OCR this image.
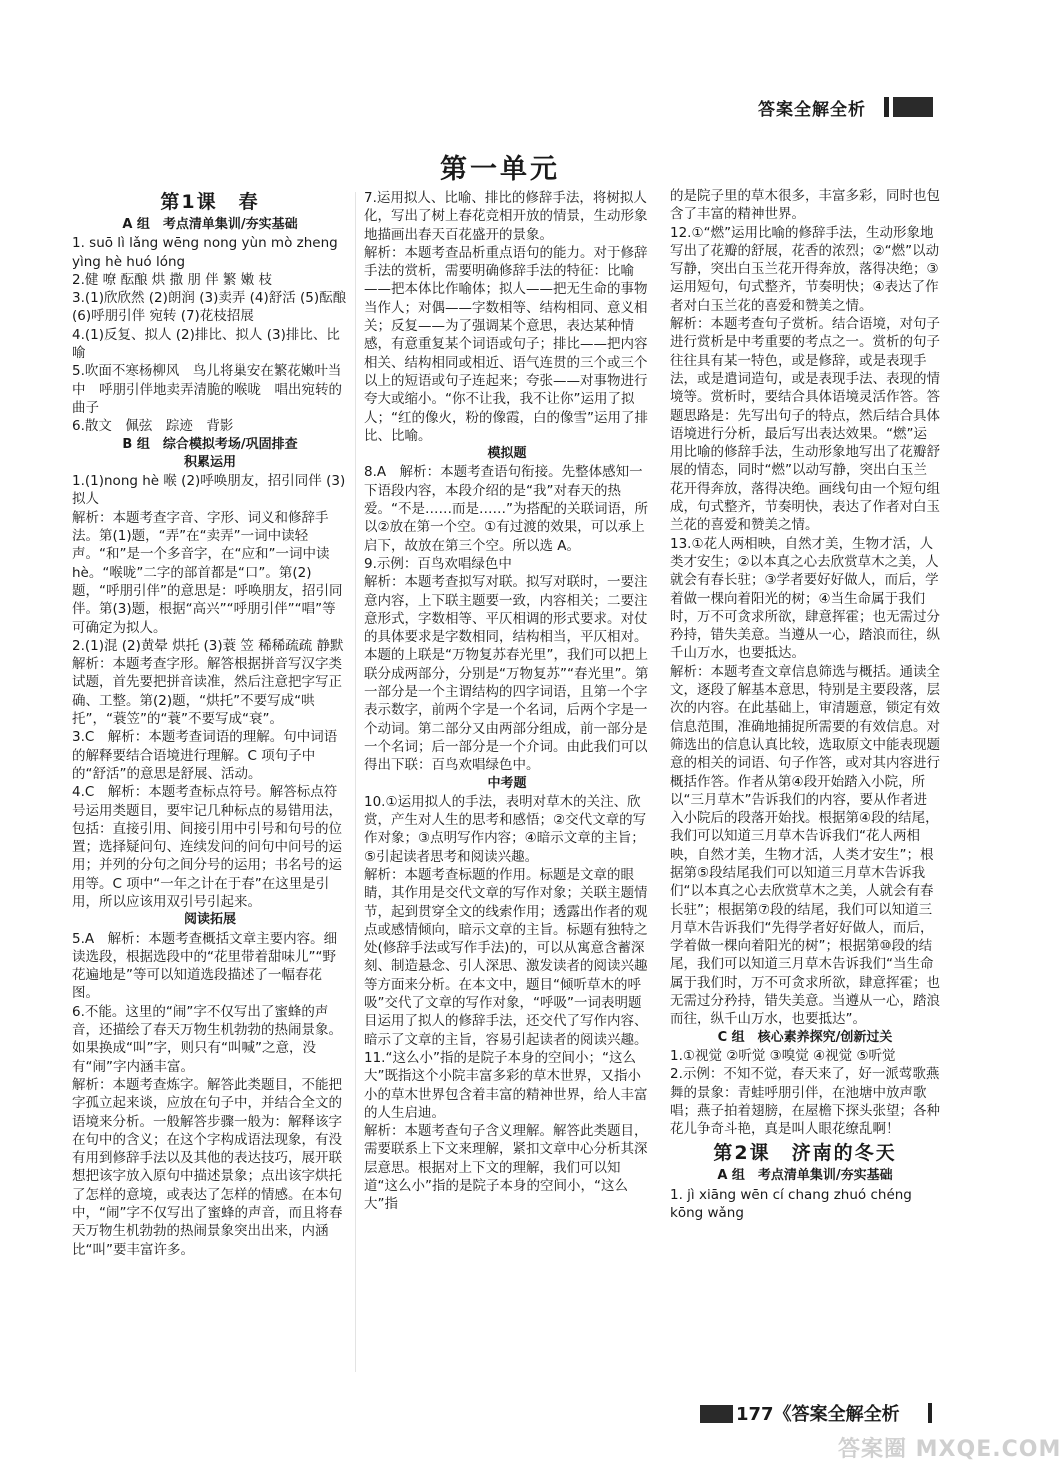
答案全解全析
第一单元
第1课　春

A 组　考点清单集训/夯实基础

1. suō lì lǎng wēng nong yùn mò zheng yìng hè huó lóng

2.健 嘹 酝酿 烘 撒 朋 伴 繁 嫩 枝

3.(1)欣欣然 (2)朗润 (3)卖弄 (4)舒活 (5)酝酿 (6)呼朋引伴 宛转 (7)花枝招展

4.(1)反复、拟人 (2)排比、拟人 (3)排比、比喻

5.吹面不寒杨柳风　鸟儿将巢安在繁花嫩叶当中　呼朋引伴地卖弄清脆的喉咙　唱出宛转的曲子

6.散文　佩弦　踪迹　背影

B 组　综合模拟考场/巩固排查

积累运用

1.(1)nong hè 喉 (2)呼唤朋友，招引同伴 (3)拟人

解析：本题考查字音、字形、词义和修辞手法。第(1)题，“弄”在“卖弄”一词中读轻声。“和”是一个多音字，在“应和”一词中读 hè。“喉咙”二字的部首都是“口”。第(2)题，“呼朋引伴”的意思是：呼唤朋友，招引同伴。第(3)题，根据“高兴”“呼朋引伴”“唱”等可确定为拟人。

2.(1)混 (2)黄晕 烘托 (3)蓑 笠 稀稀疏疏 静默

解析：本题考查字形。解答根据拼音写汉字类试题，首先要把拼音读准，然后注意把字写正确、工整。第(2)题，“烘托”不要写成“哄托”，“蓑笠”的“蓑”不要写成“衰”。

3.C　解析：本题考查词语的理解。句中词语的解释要结合语境进行理解。C 项句子中的“舒活”的意思是舒展、活动。

4.C　解析：本题考查标点符号。解答标点符号运用类题目，要牢记几种标点的易错用法，包括：直接引用、间接引用中引号和句号的位置；选择疑问句、连续发问的问句中问号的运用；并列的分句之间分号的运用；书名号的运用等。C 项中“一年之计在于春”在这里是引用，所以应该用双引号引起来。

阅读拓展

5.A　解析：本题考查概括文章主要内容。细读选段，根据选段中的“花里带着甜味儿”“野花遍地是”等可以知道选段描述了一幅春花图。

6.不能。这里的“闹”字不仅写出了蜜蜂的声音，还描绘了春天万物生机勃勃的热闹景象。如果换成“叫”字，则只有“叫喊”之意，没有“闹”字内涵丰富。

解析：本题考查炼字。解答此类题目，不能把字孤立起来谈，应放在句子中，并结合全文的语境来分析。一般解答步骤一般为：解释该字在句中的含义；在这个字构成语法现象，有没有用到修辞手法以及其他的表达技巧，展开联想把该字放入原句中描述景象；点出该字烘托了怎样的意境，或表达了怎样的情感。在本句中，“闹”字不仅写出了蜜蜂的声音，而且将春天万物生机勃勃的热闹景象突出出来，内涵比“叫”要丰富许多。

7.运用拟人、比喻、排比的修辞手法，将树拟人化，写出了树上春花竞相开放的情景，生动形象地描画出春天百花盛开的景象。

解析：本题考查品析重点语句的能力。对于修辞手法的赏析，需要明确修辞手法的特征：比喻——把本体比作喻体；拟人——把无生命的事物当作人；对偶——字数相等、结构相同、意义相关；反复——为了强调某个意思，表达某种情感，有意重复某个词语或句子；排比——把内容相关、结构相同或相近、语气连贯的三个或三个以上的短语或句子连起来；夸张——对事物进行夸大或缩小。“你不让我，我不让你”运用了拟人；“红的像火，粉的像霞，白的像雪”运用了排比、比喻。

模拟题

8.A　解析：本题考查语句衔接。先整体感知一下语段内容，本段介绍的是“我”对春天的热爱。“不是……而是……”为搭配的关联词语，所以②放在第一个空。①有过渡的效果，可以承上启下，故放在第三个空。所以选 A。

9.示例：百鸟欢唱绿色中

解析：本题考查拟写对联。拟写对联时，一要注意内容，上下联主题要一致，内容相关；二要注意形式，字数相等、平仄相调的形式要求。对仗的具体要求是字数相同，结构相当，平仄相对。本题的上联是“万物复苏春光里”，我们可以把上联分成两部分，分别是“万物复苏”“春光里”。第一部分是一个主谓结构的四字词语，且第一个字表示数字，前两个字是一个名词，后两个字是一个动词。第二部分又由两部分组成，前一部分是一个名词；后一部分是一个介词。由此我们可以得出下联：百鸟欢唱绿色中。

中考题

10.①运用拟人的手法，表明对草木的关注、欣赏，产生对人生的思考和感悟；②交代文章的写作对象；③点明写作内容；④暗示文章的主旨；⑤引起读者思考和阅读兴趣。

解析：本题考查标题的作用。标题是文章的眼睛，其作用是交代文章的写作对象；关联主题情节，起到贯穿全文的线索作用；透露出作者的观点或感情倾向，暗示文章的主旨。标题有独特之处(修辞手法或写作手法)的，可以从寓意含蓄深刻、制造悬念、引人深思、激发读者的阅读兴趣等方面来分析。在本文中，题目“倾听草木的呼吸”交代了文章的写作对象，“呼吸”一词表明题目运用了拟人的修辞手法，还交代了写作内容、暗示了文章的主旨，容易引起读者的阅读兴趣。

11.“这么小”指的是院子本身的空间小；“这么大”既指这个小院丰富多彩的草木世界，又指小小的草木世界包含着丰富的精神世界，给人丰富的人生启迪。

解析：本题考查句子含义理解。解答此类题目，需要联系上下文来理解，紧扣文章中心分析其深层意思。根据对上下文的理解，我们可以知道“这么小”指的是院子本身的空间小，“这么大”指

的是院子里的草木很多，丰富多彩，同时也包含了丰富的精神世界。

12.①“燃”运用比喻的修辞手法，生动形象地写出了花瓣的舒展，花香的浓烈；②“燃”以动写静，突出白玉兰花开得奔放，落得决绝；③运用短句，句式整齐，节奏明快；④表达了作者对白玉兰花的喜爱和赞美之情。

解析：本题考查句子赏析。结合语境，对句子进行赏析是中考重要的考点之一。赏析的句子往往具有某一特色，或是修辞，或是表现手法，或是遣词造句，或是表现手法、表现的情境等。赏析时，要结合具体语境灵活作答。答题思路是：先写出句子的特点，然后结合具体语境进行分析，最后写出表达效果。“燃”运用比喻的修辞手法，生动形象地写出了花瓣舒展的情态，同时“燃”以动写静，突出白玉兰花开得奔放，落得决绝。画线句由一个短句组成，句式整齐，节奏明快，表达了作者对白玉兰花的喜爱和赞美之情。

13.①花人两相映，自然才美，生物才活，人类才安生；②以本真之心去欣赏草木之美，人就会有春长驻；③学者要好好做人，而后，学着做一棵向着阳光的树；④当生命属于我们时，万不可贪求所欲，肆意挥霍；也无需过分矜持，错失美意。当遵从一心，踏浪而往，纵千山万水，也要抵达。

解析：本题考查文章信息筛选与概括。通读全文，逐段了解基本意思，特别是主要段落，层次的内容。在此基础上，审清题意，锁定有效信息范围，准确地捕捉所需要的有效信息。对筛选出的信息认真比较，选取原文中能表现题意的相关的词语、句子作答，或对其内容进行概括作答。作者从第④段开始踏入小院，所以“三月草木”告诉我们的内容，要从作者进入小院后的段落开始找。根据第④段的结尾，我们可以知道三月草木告诉我们“花人两相映，自然才美，生物才活，人类才安生”；根据第⑤段结尾我们可以知道三月草木告诉我们“以本真之心去欣赏草木之美，人就会有春长驻”；根据第⑦段的结尾，我们可以知道三月草木告诉我们“先得学者好好做人，而后，学着做一棵向着阳光的树”；根据第⑩段的结尾，我们可以知道三月草木告诉我们“当生命属于我们时，万不可贪求所欲，肆意挥霍；也无需过分矜持，错失美意。当遵从一心，踏浪而往，纵千山万水，也要抵达”。

C 组　核心素养探究/创新过关

1.①视觉 ②听觉 ③嗅觉 ④视觉 ⑤听觉

2.示例：不知不觉，春天来了，好一派莺歌燕舞的景象：青蛙呼朋引伴，在池塘中放声歌唱；燕子拍着翅膀，在屋檐下探头张望；各种花儿争奇斗艳，真是叫人眼花缭乱啊！

第2课　济南的冬天

A 组　考点清单集训/夯实基础

1. jì xiāng wēn cí chang zhuó chéng kōng wǎng

177《答案全解全析
答案圈 MXQE.COM
